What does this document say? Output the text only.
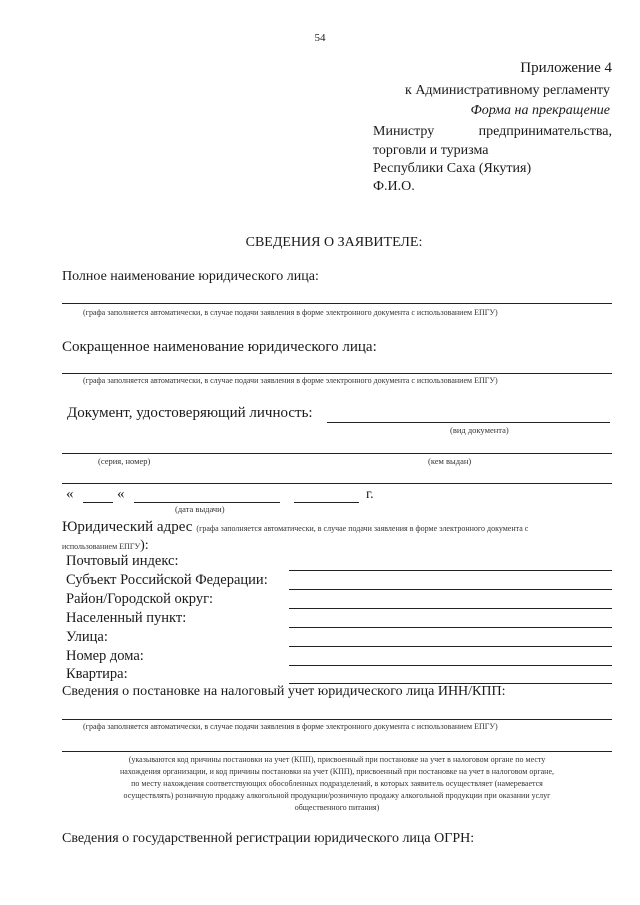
54
Приложение 4
к Административному регламенту
Форма на прекращение
Министру	предпринимательства,
торговли и туризма
Республики Саха (Якутия)
Ф.И.О.
СВЕДЕНИЯ О ЗАЯВИТЕЛЕ:
Полное наименование юридического лица:
(графа заполняется автоматически, в случае подачи заявления в форме электронного документа с использованием ЕПГУ)
Сокращенное наименование юридического лица:
(графа заполняется автоматически, в случае подачи заявления в форме электронного документа с использованием ЕПГУ)
Документ, удостоверяющий личность:
(вид документа)
(серия, номер)	(кем выдан)
«	«	г.
(дата выдачи)
Юридический адрес (графа заполняется автоматически, в случае подачи заявления в форме электронного документа с
использованием ЕПГУ):
Почтовый индекс:
Субъект Российской Федерации:
Район/Городской округ:
Населенный пункт:
Улица:
Номер дома:
Квартира:
Сведения о постановке на налоговый учет юридического лица ИНН/КПП:
(графа заполняется автоматически, в случае подачи заявления в форме электронного документа с использованием ЕПГУ)
(указываются код причины постановки на учет (КПП), присвоенный при постановке на учет в налоговом органе по месту
нахождения организации, и код причины постановки на учет (КПП), присвоенный при постановке на учет в налоговом органе,
по месту нахождения соответствующих обособленных подразделений, в которых заявитель осуществляет (намеревается
осуществлять) розничную продажу алкогольной продукции/розничную продажу алкогольной продукции при оказании услуг
общественного питания)
Сведения о государственной регистрации юридического лица ОГРН:
